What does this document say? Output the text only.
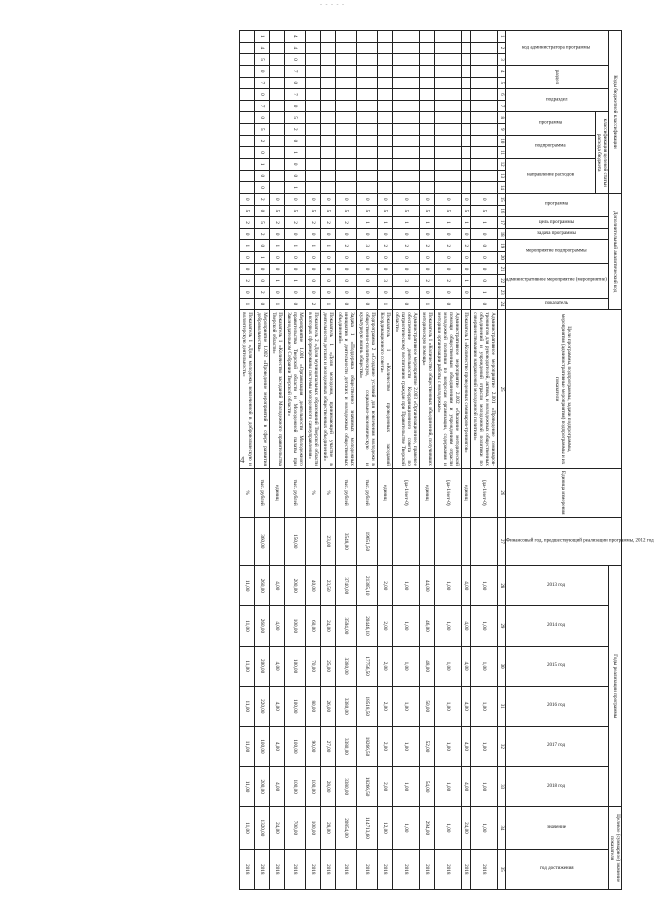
- - - - -
4
Коды бюджетной классификации														Дополнительный аналитический код										Цели программы, подпрограммы, задачи подпрограммы, мероприятия (административные мероприятия) подпрограммы и их показатели	Единица измерения	Финансовый год, предшествующий реализации программы, 2012 год	Годы реализации программы						Целевое (суммарное) значение показателя	
код администратора программы			раздел		подраздел		классификация целевой статьи расхода бюджета							программа		цель программы	задача программы	мероприятие подпрограммы		административное мероприятие (мероприятие)			показатель				2013 год	2014 год	2015 год	2016 год	2017 год	2018 год	значение	год достижения
							программа		подпрограмма		направление расходов																							
1	2	3	4	5	6	7	8	9	10	11	12	13	14	15	16	17	18	19	20	21	22	23	24	25	26	27	28	29	30	31	32	33	34	35
														0	5	1	0	0	0	0	0	1	0	Административное мероприятие 2.001 «Проведение семинаров-тренингов для руководителей, актива, и молодежных общественных объединений и учреждений отрасли молодежной политики по совершенствованию направлений молодежной политики»	(да-1/нет-0)		1,00	1,00	1,00	1,00	1,00	1,00	1,00	2018
														0	5	1	0	2	0	0	1	0		Показатель 1 «Количество проведенных семинаров-тренингов»	единиц		4,00	4,00	4,00	4,00	4,00	4,00	24,00	2018
														0	5	1	0	2	0	0	2	0	0	Административное мероприятие 2.002 «Оказание методической помощи общественным объединениям и учреждениям отрасли молодежной политики по вопросам организации, содержания и методики организации работы с молодежью»	(да-1/нет-0)		1,00	1,00	1,00	1,00	1,00	1,00	1,00	2018
														0	5	1	0	2	0	0	2	0	1	Показатель 1 «Количество общественных объединений, получивших методическую помощь»	единиц		44,00	46,00	48,00	50,00	52,00	54,00	294,00	2018
														0	5	1	0	2	0	0	3	0	0	Административное мероприятие 2.003 «Организационное, правовое обеспечение деятельности Координационного совета по патриотическому воспитанию граждан при Правительстве Тверской области»	(да-1/нет-0)		1,00	1,00	1,00	1,00	1,00	1,00	1,00	2018
														0	5	1	0	2	0	0	3	0	1	Показатель 1 «Количество проведенных заседаний Координационного совета»	единиц		2,00	2,00	2,00	2,00	2,00	2,00	12,00	2018
														0	5	1	0	3	0	0	0	0	0	Подпрограмма 2 «Создание условий для вовлечения молодежи в общественно-политическую, социально-экономическую и культурную жизнь общества»	тыс. рублей	19651,50	21385,10	20446,10	17756,50	18518,50	18266,50	18266,50	114713,60	2018
														0	5	2	0	2	0	0	0	0	0	Задача 1 «Поддержка общественно значимых молодежных инициатив и деятельности детских и молодежных общественных объединений»	тыс. рублей	3548,00	3740,00	3594,00	3380,00	3380,00	3380,00	3380,00	20854,00	2018
														0	5	2	0	1	0	0	0	0	1	Показатель 1 «Доля молодежи, принимающей участие в деятельности детских и молодежных общественных объединений»	%	23,00	23,50	24,00	25,00	26,00	27,00	28,00	28,00	2018
														0	5	2	0	1	0	0	0	0	2	Показатель 2 «Доля муниципальных образований Тверской области в которых сформированы системы молодежного самоуправления»	%		40,00	60,00	70,00	80,00	90,00	100,00	100,00	2018
4	4	0	7	0	7	0	5	2	0	1	0	0	1	0	5	2	0	1	0	0	1	0	0	Мероприятие 1.001 «Организация деятельности Молодежного правительства Тверской области и Молодежной палаты при Законодательном Собрании Тверской области»	тыс. рублей	150,00	200,00	100,00	100,00	100,00	100,00	100,00	700,00	2018
														0	5	2	0	1	0	0	1	0	1	Показатель 1 «Количество заседаний Молодежного правительства Тверской области»	единиц		4,00	4,00	4,00	4,00	4,00	4,00	24,00	2018
1	4	5	0	7	0	7	0	5	2	0	1	0	0	2	0	5	2	0	1	0	0	2	0	Мероприятие 1.002 «Проведение мероприятий в сфере развития добровольчества»	тыс. рублей	360,00	260,00	260,00	200,00	220,00	100,00	200,00	1320,00	2018
														0	5	2	0	1	0	0	2	0	1	Показатель 1 «Доля молодежи, вовлеченной в добровольческую и волонтерскую деятельность»	%		11,00	11,00	11,00	11,00	11,00	11,00	11,00	2018
